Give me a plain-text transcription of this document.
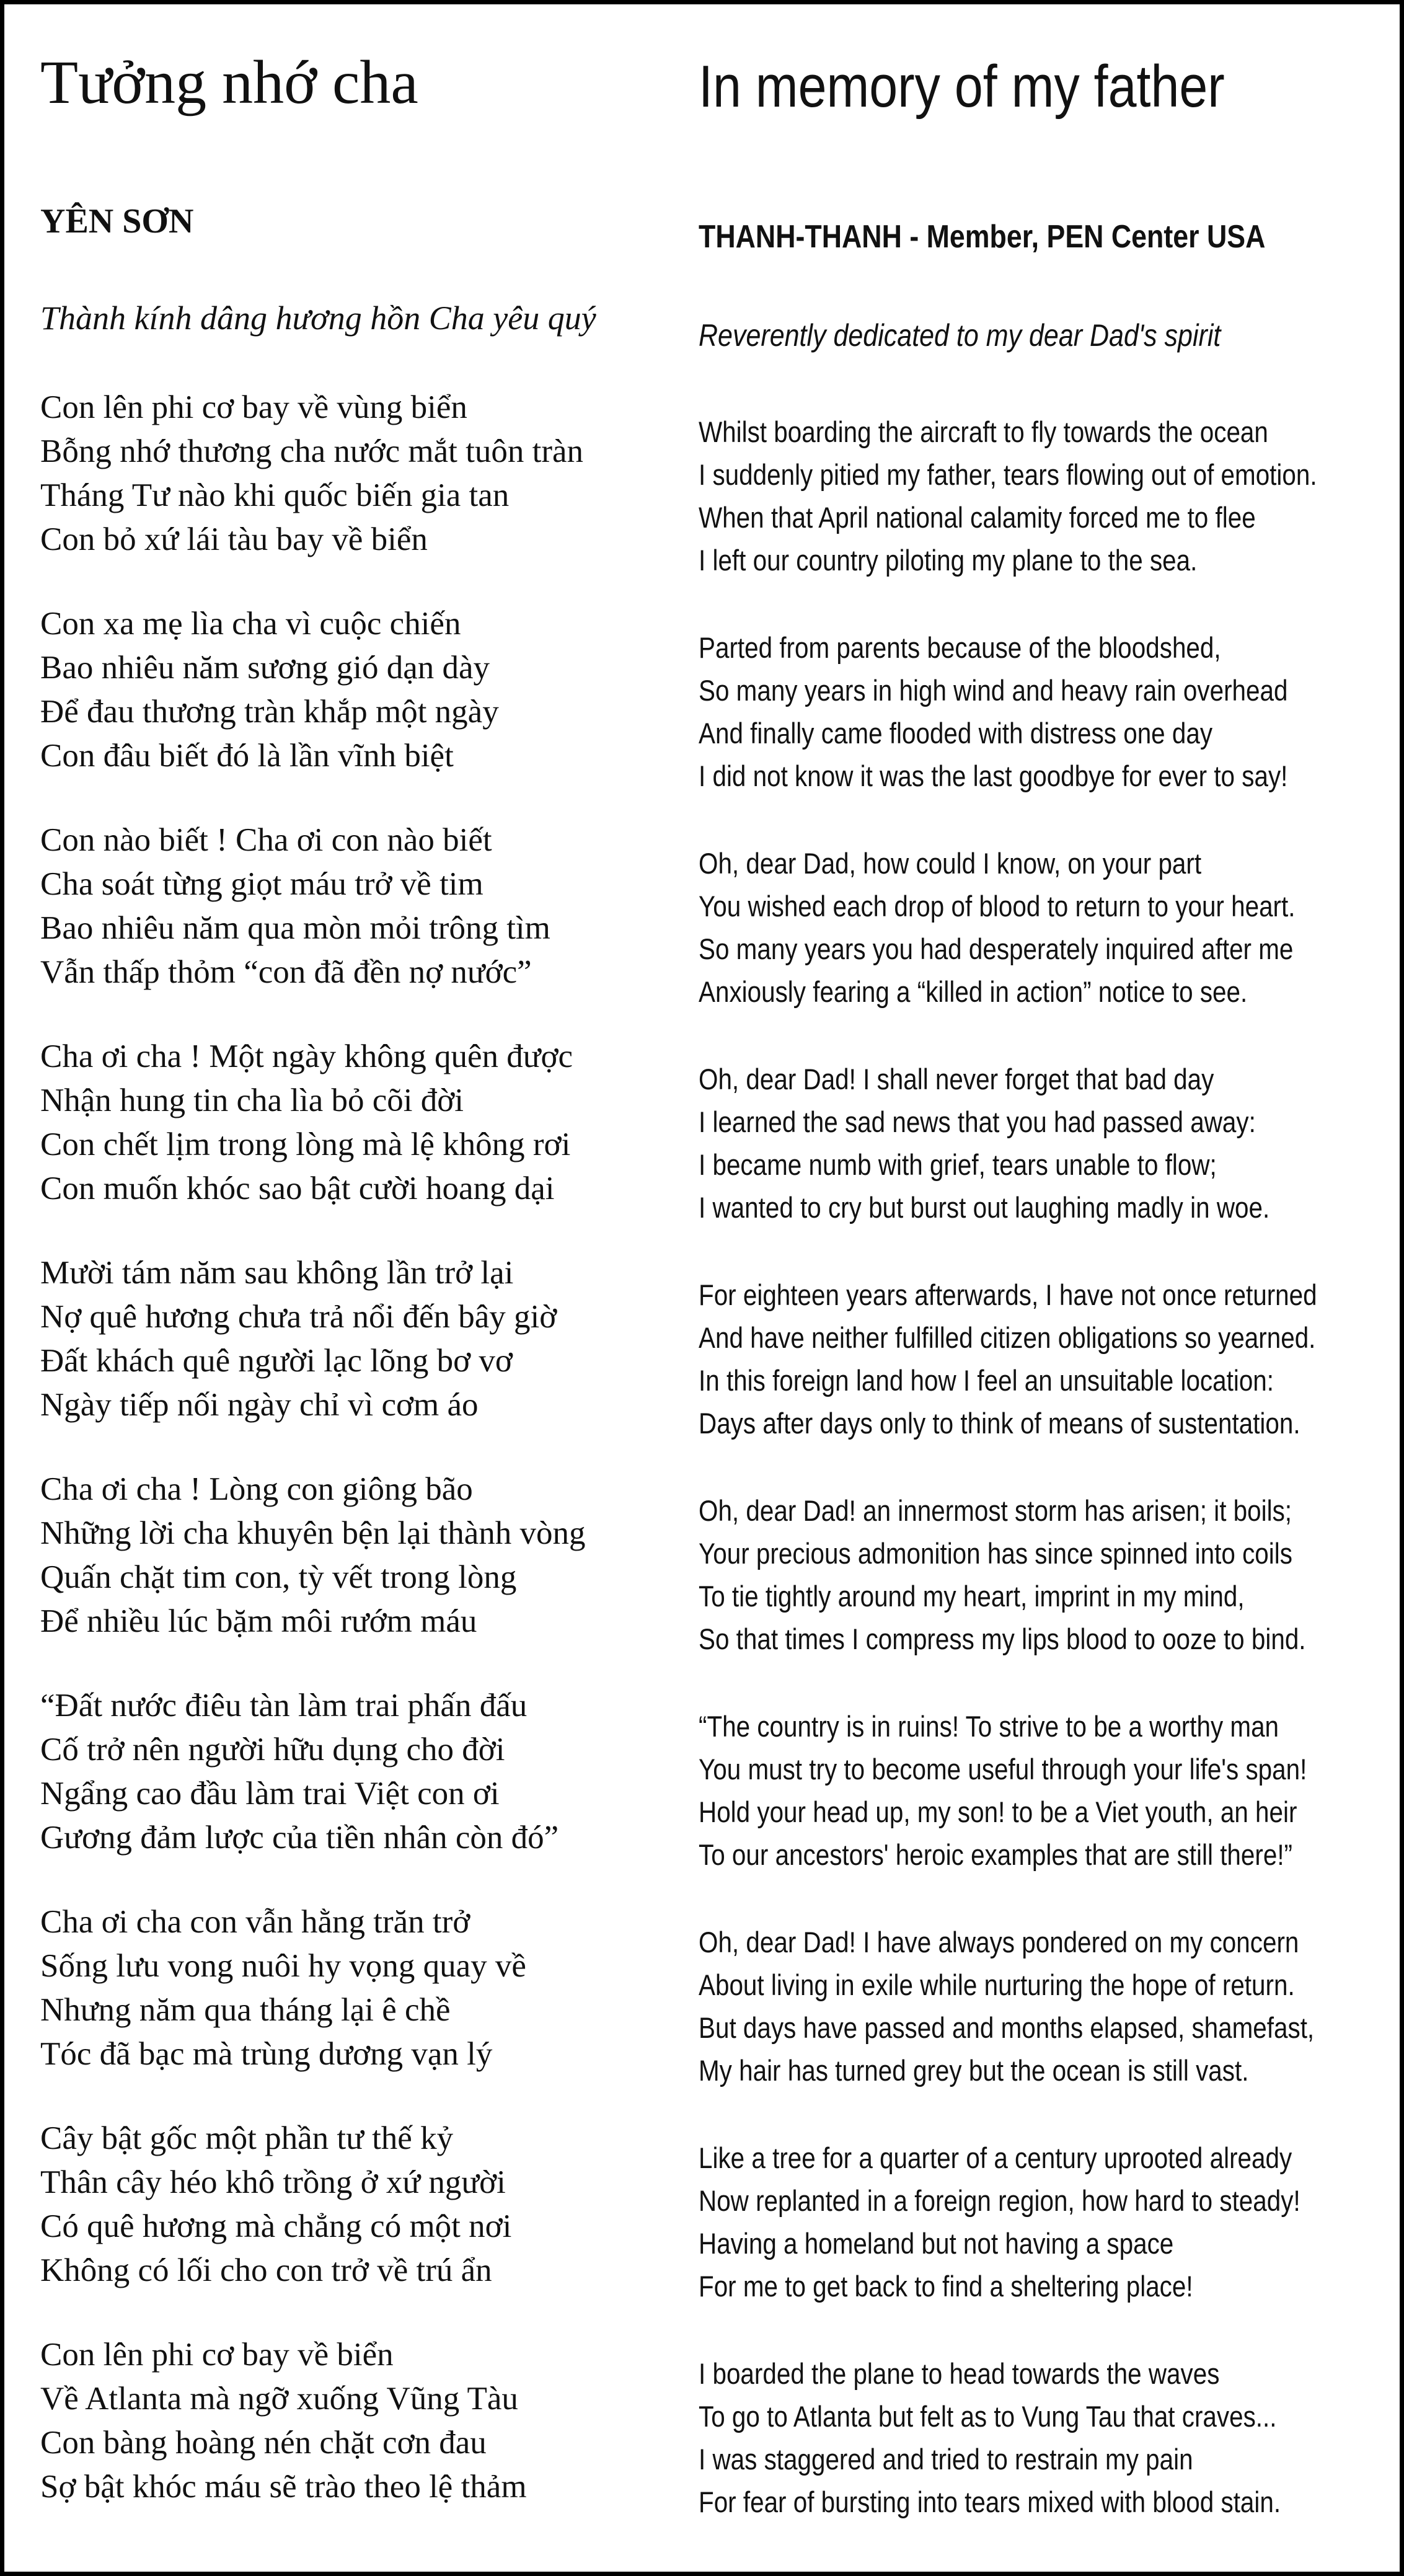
Tưởng nhớ cha
YÊN SƠN
Thành kính dâng hương hồn Cha yêu quý
Con lên phi cơ bay về vùng biển
Bỗng nhớ thương cha nước mắt tuôn tràn
Tháng Tư nào khi quốc biến gia tan
Con bỏ xứ lái tàu bay về biển
Con xa mẹ lìa cha vì cuộc chiến
Bao nhiêu năm sương gió dạn dày
Để đau thương tràn khắp một ngày
Con đâu biết đó là lần vĩnh biệt
Con nào biết ! Cha ơi con nào biết
Cha soát từng giọt máu trở về tim
Bao nhiêu năm qua mòn mỏi trông tìm
Vẫn thấp thỏm “con đã đền nợ nước”
Cha ơi cha ! Một ngày không quên được
Nhận hung tin cha lìa bỏ cõi đời
Con chết lịm trong lòng mà lệ không rơi
Con muốn khóc sao bật cười hoang dại
Mười tám năm sau không lần trở lại
Nợ quê hương chưa trả nổi đến bây giờ
Đất khách quê người lạc lõng bơ vơ
Ngày tiếp nối ngày chỉ vì cơm áo
Cha ơi cha ! Lòng con giông bão
Những lời cha khuyên bện lại thành vòng
Quấn chặt tim con, tỳ vết trong lòng
Để nhiều lúc bặm môi rướm máu
“Đất nước điêu tàn làm trai phấn đấu
Cố trở nên người hữu dụng cho đời
Ngẩng cao đầu làm trai Việt con ơi
Gương đảm lược của tiền nhân còn đó”
Cha ơi cha con vẫn hằng trăn trở
Sống lưu vong nuôi hy vọng quay về
Nhưng năm qua tháng lại ê chề
Tóc đã bạc mà trùng dương vạn lý
Cây bật gốc một phần tư thế kỷ
Thân cây héo khô trồng ở xứ người
Có quê hương mà chẳng có một nơi
Không có lối cho con trở về trú ẩn
Con lên phi cơ bay về biển
Về Atlanta mà ngỡ xuống Vũng Tàu
Con bàng hoàng nén chặt cơn đau
Sợ bật khóc máu sẽ trào theo lệ thảm
In memory of my father
THANH-THANH - Member, PEN Center USA
Reverently dedicated to my dear Dad's spirit
Whilst boarding the aircraft to fly towards the ocean
I suddenly pitied my father, tears flowing out of emotion.
When that April national calamity forced me to flee
I left our country piloting my plane to the sea.
Parted from parents because of the bloodshed,
So many years in high wind and heavy rain overhead
And finally came flooded with distress one day
I did not know it was the last goodbye for ever to say!
Oh, dear Dad, how could I know, on your part
You wished each drop of blood to return to your heart.
So many years you had desperately inquired after me
Anxiously fearing a “killed in action” notice to see.
Oh, dear Dad! I shall never forget that bad day
I learned the sad news that you had passed away:
I became numb with grief, tears unable to flow;
I wanted to cry but burst out laughing madly in woe.
For eighteen years afterwards, I have not once returned
And have neither fulfilled citizen obligations so yearned.
In this foreign land how I feel an unsuitable location:
Days after days only to think of means of sustentation.
Oh, dear Dad! an innermost storm has arisen; it boils;
Your precious admonition has since spinned into coils
To tie tightly around my heart, imprint in my mind,
So that times I compress my lips blood to ooze to bind.
“The country is in ruins! To strive to be a worthy man
You must try to become useful through your life's span!
Hold your head up, my son! to be a Viet youth, an heir
To our ancestors' heroic examples that are still there!”
Oh, dear Dad! I have always pondered on my concern
About living in exile while nurturing the hope of return.
But days have passed and months elapsed, shamefast,
My hair has turned grey but the ocean is still vast.
Like a tree for a quarter of a century uprooted already
Now replanted in a foreign region, how hard to steady!
Having a homeland but not having a space
For me to get back to find a sheltering place!
I boarded the plane to head towards the waves
To go to Atlanta but felt as to Vung Tau that craves...
I was staggered and tried to restrain my pain
For fear of bursting into tears mixed with blood stain.
